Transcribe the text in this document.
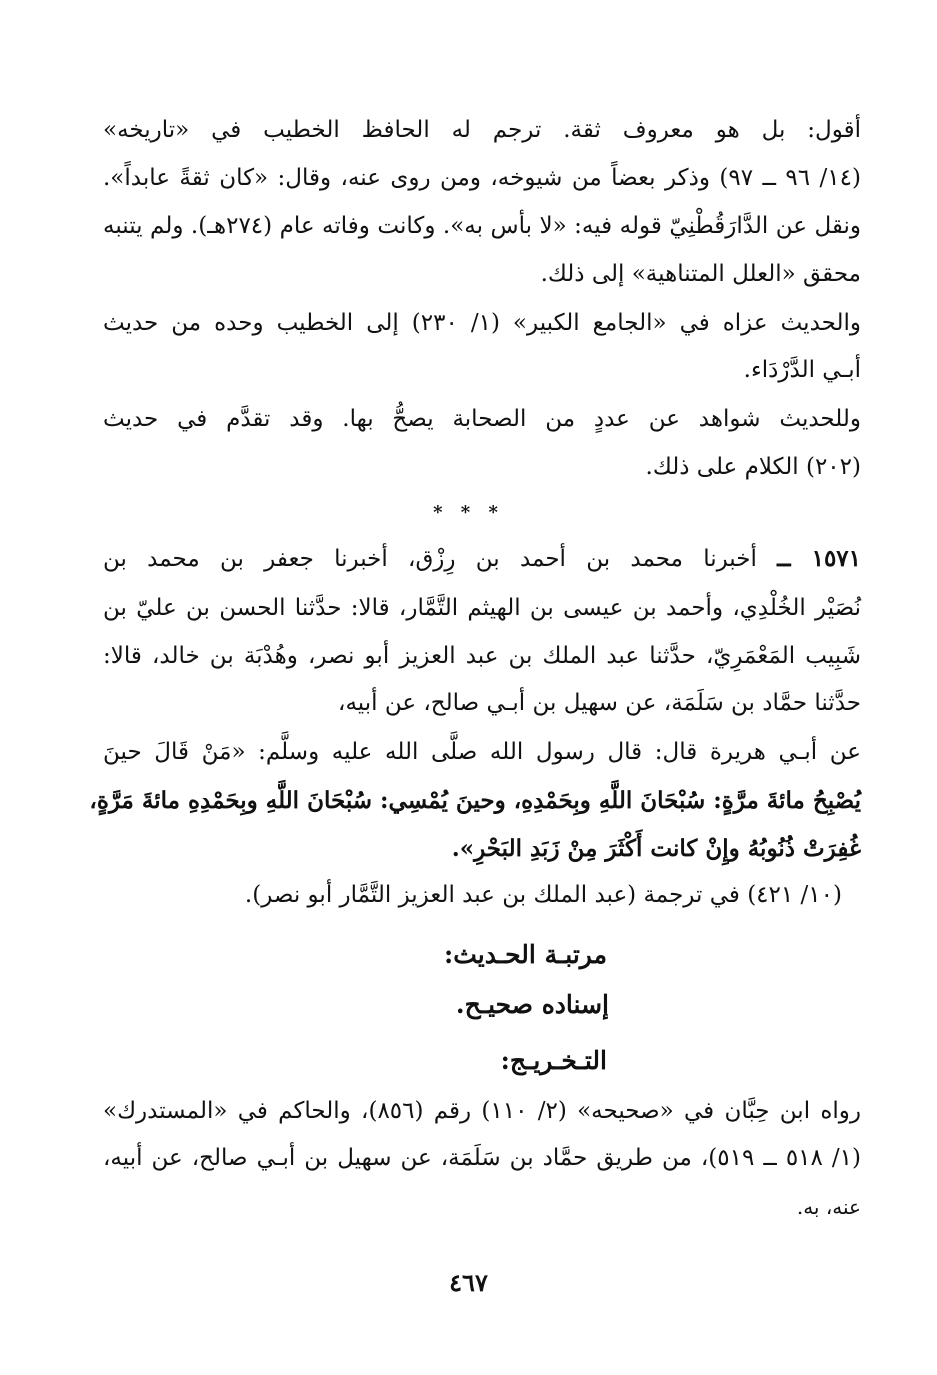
أقول: بل هو معروف ثقة. ترجم له الحافظ الخطيب في «تاريخه»

(١٤/ ٩٦ ــ ٩٧) وذكر بعضاً من شيوخه، ومن روى عنه، وقال: «كان ثقةً عابداً».

ونقل عن الدَّارَقُطْنِيّ قوله فيه: «لا بأس به». وكانت وفاته عام (٢٧٤هـ). ولم يتنبه

محقق «العلل المتناهية» إلى ذلك.

والحديث عزاه في «الجامع الكبير» (١/ ٢٣٠) إلى الخطيب وحده من حديث

أبـي الدَّرْدَاء.

وللحديث شواهد عن عددٍ من الصحابة يصحُّ بها. وقد تقدَّم في حديث

(٢٠٢) الكلام على ذلك.

* * *

١٥٧١ ــ أخبرنا محمد بن أحمد بن رِزْق، أخبرنا جعفر بن محمد بن

نُصَيْر الخُلْدِي، وأحمد بن عيسى بن الهيثم التَّمَّار، قالا: حدَّثنا الحسن بن عليّ بن

شَبِيب المَعْمَرِيّ، حدَّثنا عبد الملك بن عبد العزيز أبو نصر، وهُدْبَة بن خالد، قالا:

حدَّثنا حمَّاد بن سَلَمَة، عن سهيل بن أبـي صالح، عن أبيه،

عن أبـي هريرة قال: قال رسول الله صلَّى الله عليه وسلَّم: «مَنْ قَالَ حينَ

يُصْبِحُ مائةَ مرَّةٍ: سُبْحَانَ اللَّهِ وبِحَمْدِهِ، وحينَ يُمْسِي: سُبْحَانَ اللَّهِ وبِحَمْدِهِ مائةَ مَرَّةٍ،

غُفِرَتْ ذُنُوبُهُ وإِنْ كانت أَكْثَرَ مِنْ زَبَدِ البَحْرِ».

(١٠/ ٤٢١) في ترجمة (عبد الملك بن عبد العزيز التَّمَّار أبو نصر).

مرتبـة الحـديث:
إسناده صحيـح.
التـخـريـج:

رواه ابن حِبَّان في «صحيحه» (٢/ ١١٠) رقم (٨٥٦)، والحاكم في «المستدرك»

(١/ ٥١٨ ــ ٥١٩)، من طريق حمَّاد بن سَلَمَة، عن سهيل بن أبـي صالح، عن أبيه،

عنه، به.

٤٦٧
